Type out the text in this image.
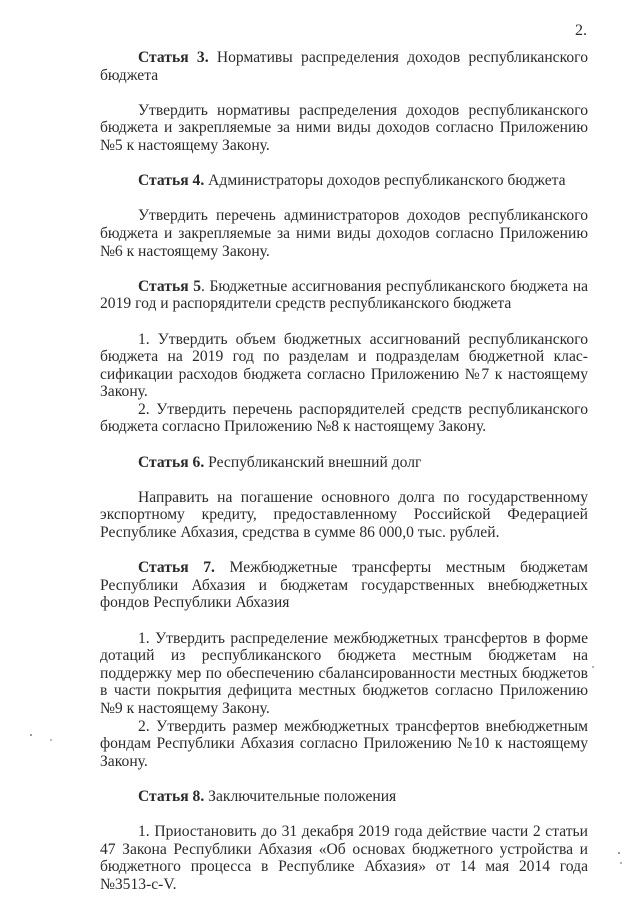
2.

Статья 3. Нормативы распределения доходов республиканского бюджета

Утвердить нормативы распределения доходов республиканского бюджета и закрепляемые за ними виды доходов согласно Приложению №5 к настоящему Закону.

Статья 4. Администраторы доходов республиканского бюджета

Утвердить перечень администраторов доходов республиканского бюджета и закрепляемые за ними виды доходов согласно Приложению №6 к настоящему Закону.

Статья 5. Бюджетные ассигнования республиканского бюджета на 2019 год и распорядители средств республиканского бюджета

1. Утвердить объем бюджетных ассигнований республиканского бюджета на 2019 год по разделам и подразделам бюджетной классификации расходов бюджета согласно Приложению №7 к настоящему Закону.

2. Утвердить перечень распорядителей средств республиканского бюджета согласно Приложению №8 к настоящему Закону.

Статья 6. Республиканский внешний долг

Направить на погашение основного долга по государственному экспортному кредиту, предоставленному Российской Федерацией Республике Абхазия, средства в сумме 86 000,0 тыс. рублей.

Статья 7. Межбюджетные трансферты местным бюджетам Республики Абхазия и бюджетам государственных внебюджетных фондов Республики Абхазия

1. Утвердить распределение межбюджетных трансфертов в форме дотаций из республиканского бюджета местным бюджетам на поддержку мер по обеспечению сбалансированности местных бюджетов в части покрытия дефицита местных бюджетов согласно Приложению №9 к настоящему Закону.

2. Утвердить размер межбюджетных трансфертов внебюджетным фондам Республики Абхазия согласно Приложению №10 к настоящему Закону.

Статья 8. Заключительные положения

1. Приостановить до 31 декабря 2019 года действие части 2 статьи 47 Закона Республики Абхазия «Об основах бюджетного устройства и бюджетного процесса в Республике Абхазия» от 14 мая 2014 года №3513-с-V.
